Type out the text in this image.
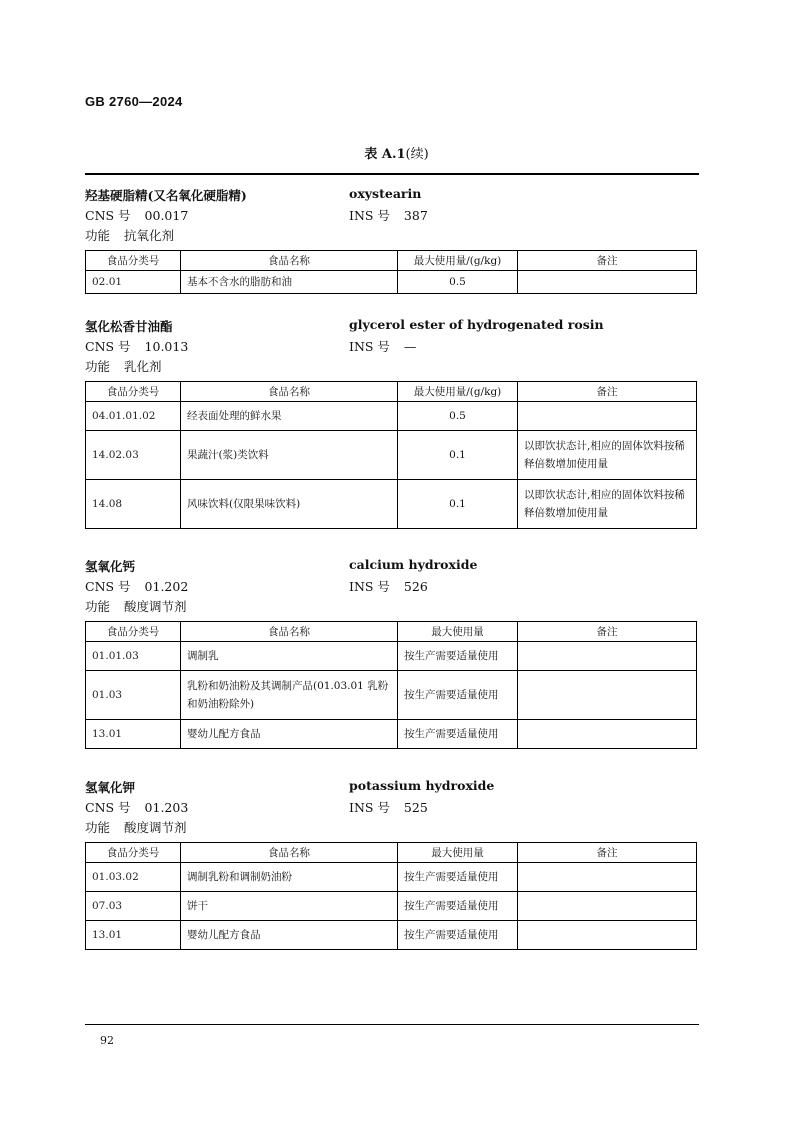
GB 2760—2024
表 A.1(续)
羟基硬脂精(又名氧化硬脂精)	oxystearin
CNS 号 00.017	INS 号 387
功能 抗氧化剂
食品分类号	食品名称	最大使用量/(g/kg)	备注
02.01	基本不含水的脂肪和油	0.5	
氢化松香甘油酯	glycerol ester of hydrogenated rosin
CNS 号 10.013	INS 号 —
功能 乳化剂
食品分类号	食品名称	最大使用量/(g/kg)	备注
04.01.01.02	经表面处理的鲜水果	0.5	
14.02.03	果蔬汁(浆)类饮料	0.1	以即饮状态计,相应的固体饮料按稀释倍数增加使用量
14.08	风味饮料(仅限果味饮料)	0.1	以即饮状态计,相应的固体饮料按稀释倍数增加使用量
氢氧化钙	calcium hydroxide
CNS 号 01.202	INS 号 526
功能 酸度调节剂
食品分类号	食品名称	最大使用量	备注
01.01.03	调制乳	按生产需要适量使用	
01.03	乳粉和奶油粉及其调制产品(01.03.01 乳粉和奶油粉除外)	按生产需要适量使用	
13.01	婴幼儿配方食品	按生产需要适量使用	
氢氧化钾	potassium hydroxide
CNS 号 01.203	INS 号 525
功能 酸度调节剂
食品分类号	食品名称	最大使用量	备注
01.03.02	调制乳粉和调制奶油粉	按生产需要适量使用	
07.03	饼干	按生产需要适量使用	
13.01	婴幼儿配方食品	按生产需要适量使用	
92
